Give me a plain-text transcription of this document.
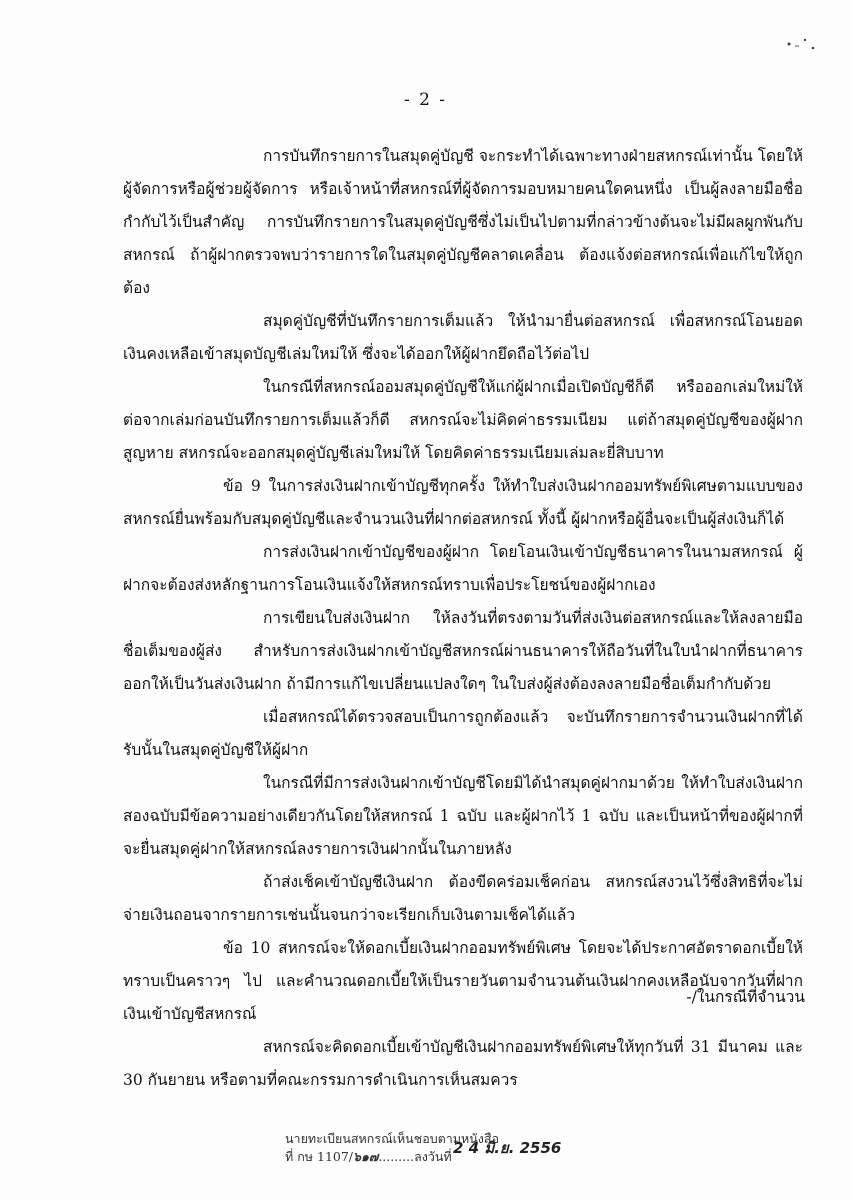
- 2 -

การบันทึกรายการในสมุดคู่บัญชี จะกระทำได้เฉพาะทางฝ่ายสหกรณ์เท่านั้น โดยให้ผู้จัดการหรือผู้ช่วยผู้จัดการ หรือเจ้าหน้าที่สหกรณ์ที่ผู้จัดการมอบหมายคนใดคนหนึ่ง เป็นผู้ลงลายมือชื่อกำกับไว้เป็นสำคัญ การบันทึกรายการในสมุดคู่บัญชีซึ่งไม่เป็นไปตามที่กล่าวข้างต้นจะไม่มีผลผูกพันกับสหกรณ์ ถ้าผู้ฝากตรวจพบว่ารายการใดในสมุดคู่บัญชีคลาดเคลื่อน ต้องแจ้งต่อสหกรณ์เพื่อแก้ไขให้ถูกต้อง

สมุดคู่บัญชีที่บันทึกรายการเต็มแล้ว ให้นำมายื่นต่อสหกรณ์ เพื่อสหกรณ์โอนยอดเงินคงเหลือเข้าสมุดบัญชีเล่มใหม่ให้ ซึ่งจะได้ออกให้ผู้ฝากยึดถือไว้ต่อไป

ในกรณีที่สหกรณ์ออมสมุดคู่บัญชีให้แก่ผู้ฝากเมื่อเปิดบัญชีก็ดี หรือออกเล่มใหม่ให้ต่อจากเล่มก่อนบันทึกรายการเต็มแล้วก็ดี สหกรณ์จะไม่คิดค่าธรรมเนียม แต่ถ้าสมุดคู่บัญชีของผู้ฝากสูญหาย สหกรณ์จะออกสมุดคู่บัญชีเล่มใหม่ให้ โดยคิดค่าธรรมเนียมเล่มละยี่สิบบาท

ข้อ 9 ในการส่งเงินฝากเข้าบัญชีทุกครั้ง ให้ทำใบส่งเงินฝากออมทรัพย์พิเศษตามแบบของสหกรณ์ยื่นพร้อมกับสมุดคู่บัญชีและจำนวนเงินที่ฝากต่อสหกรณ์ ทั้งนี้ ผู้ฝากหรือผู้อื่นจะเป็นผู้ส่งเงินก็ได้

การส่งเงินฝากเข้าบัญชีของผู้ฝาก โดยโอนเงินเข้าบัญชีธนาคารในนามสหกรณ์ ผู้ฝากจะต้องส่งหลักฐานการโอนเงินแจ้งให้สหกรณ์ทราบเพื่อประโยชน์ของผู้ฝากเอง

การเขียนใบส่งเงินฝาก ให้ลงวันที่ตรงตามวันที่ส่งเงินต่อสหกรณ์และให้ลงลายมือชื่อเต็มของผู้ส่ง สำหรับการส่งเงินฝากเข้าบัญชีสหกรณ์ผ่านธนาคารให้ถือวันที่ในใบนำฝากที่ธนาคารออกให้เป็นวันส่งเงินฝาก ถ้ามีการแก้ไขเปลี่ยนแปลงใดๆ ในใบส่งผู้ส่งต้องลงลายมือชื่อเต็มกำกับด้วย

เมื่อสหกรณ์ได้ตรวจสอบเป็นการถูกต้องแล้ว จะบันทึกรายการจำนวนเงินฝากที่ได้รับนั้นในสมุดคู่บัญชีให้ผู้ฝาก

ในกรณีที่มีการส่งเงินฝากเข้าบัญชีโดยมิได้นำสมุดคู่ฝากมาด้วย ให้ทำใบส่งเงินฝากสองฉบับมีข้อความอย่างเดียวกันโดยให้สหกรณ์ 1 ฉบับ และผู้ฝากไว้ 1 ฉบับ และเป็นหน้าที่ของผู้ฝากที่จะยื่นสมุดคู่ฝากให้สหกรณ์ลงรายการเงินฝากนั้นในภายหลัง

ถ้าส่งเช็คเข้าบัญชีเงินฝาก ต้องขีดคร่อมเช็คก่อน สหกรณ์สงวนไว้ซึ่งสิทธิที่จะไม่จ่ายเงินถอนจากรายการเช่นนั้นจนกว่าจะเรียกเก็บเงินตามเช็คได้แล้ว

ข้อ 10 สหกรณ์จะให้ดอกเบี้ยเงินฝากออมทรัพย์พิเศษ โดยจะได้ประกาศอัตราดอกเบี้ยให้ทราบเป็นคราวๆ ไป และคำนวณดอกเบี้ยให้เป็นรายวันตามจำนวนต้นเงินฝากคงเหลือนับจากวันที่ฝากเงินเข้าบัญชีสหกรณ์

สหกรณ์จะคิดดอกเบี้ยเข้าบัญชีเงินฝากออมทรัพย์พิเศษให้ทุกวันที่ 31 มีนาคม และ 30 กันยายน หรือตามที่คณะกรรมการดำเนินการเห็นสมควร

-/ในกรณีที่จำนวน
นายทะเบียนสหกรณ์เห็นชอบตามหนังสือ
ที่ กษ 1107/๖๑๗.........ลงวันที่ 2 4 มิ.ย. 2556
